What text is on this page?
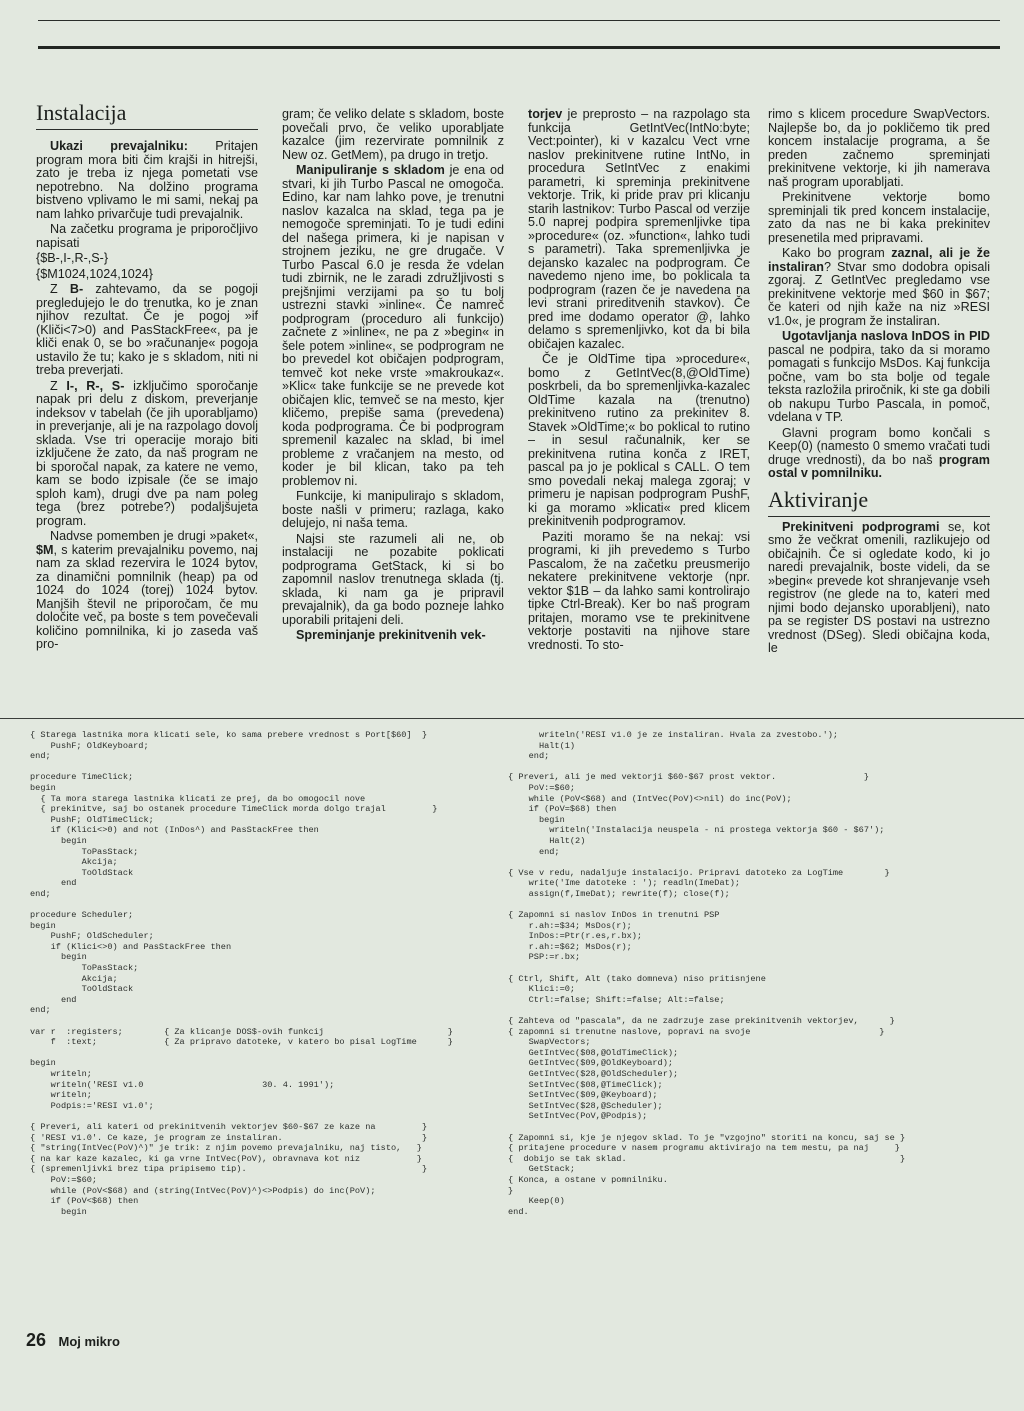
Instalacija

Ukazi prevajalniku: Pritajen program mora biti čim krajši in hitrejši, zato je treba iz njega pometati vse nepotrebno. Na dolžino programa bistveno vplivamo le mi sami, nekaj pa nam lahko privarčuje tudi prevajalnik.

Na začetku programa je priporočljivo napisati

{$B-,I-,R-,S-}

{$M1024,1024,1024}

Z B- zahtevamo, da se pogoji pregledujejo le do trenutka, ko je znan njihov rezultat. Če je pogoj »if (Kliči<7>0) and PasStackFree«, pa je kliči enak 0, se bo »računanje« pogoja ustavilo že tu; kako je s skladom, niti ni treba preverjati.

Z I-, R-, S- izključimo sporočanje napak pri delu z diskom, preverjanje indeksov v tabelah (če jih uporabljamo) in preverjanje, ali je na razpolago dovolj sklada. Vse tri operacije morajo biti izključene že zato, da naš program ne bi sporočal napak, za katere ne vemo, kam se bodo izpisale (če se imajo sploh kam), drugi dve pa nam poleg tega (brez potrebe?) podaljšujeta program.

Nadvse pomemben je drugi »paket«, $M, s katerim prevajalniku povemo, naj nam za sklad rezervira le 1024 bytov, za dinamični pomnilnik (heap) pa od 1024 do 1024 (torej) 1024 bytov. Manjših števil ne priporočam, če mu določite več, pa boste s tem povečevali količino pomnilnika, ki jo zaseda vaš pro-

gram; če veliko delate s skladom, boste povečali prvo, če veliko uporabljate kazalce (jim rezervirate pomnilnik z New oz. GetMem), pa drugo in tretjo.

Manipuliranje s skladom je ena od stvari, ki jih Turbo Pascal ne omogoča. Edino, kar nam lahko pove, je trenutni naslov kazalca na sklad, tega pa je nemogoče spreminjati. To je tudi edini del našega primera, ki je napisan v strojnem jeziku, ne gre drugače. V Turbo Pascal 6.0 je resda že vdelan tudi zbirnik, ne le zaradi združljivosti s prejšnjimi verzijami pa so tu bolj ustrezni stavki »inline«. Če namreč podprogram (proceduro ali funkcijo) začnete z »inline«, ne pa z »begin« in šele potem »inline«, se podprogram ne bo prevedel kot običajen podprogram, temveč kot neke vrste »makroukaz«. »Klic« take funkcije se ne prevede kot običajen klic, temveč se na mesto, kjer kličemo, prepiše sama (prevedena) koda podprograma. Če bi podprogram spremenil kazalec na sklad, bi imel probleme z vračanjem na mesto, od koder je bil klican, tako pa teh problemov ni.

Funkcije, ki manipulirajo s skladom, boste našli v primeru; razlaga, kako delujejo, ni naša tema.

Najsi ste razumeli ali ne, ob instalaciji ne pozabite poklicati podprograma GetStack, ki si bo zapomnil naslov trenutnega sklada (tj. sklada, ki nam ga je pripravil prevajalnik), da ga bodo pozneje lahko uporabili pritajeni deli.

Spreminjanje prekinitvenih vek-

torjev je preprosto – na razpolago sta funkcija GetIntVec(IntNo:byte; Vect:pointer), ki v kazalcu Vect vrne naslov prekinitvene rutine IntNo, in procedura SetIntVec z enakimi parametri, ki spreminja prekinitvene vektorje. Trik, ki pride prav pri klicanju starih lastnikov: Turbo Pascal od verzije 5.0 naprej podpira spremenljivke tipa »procedure« (oz. »function«, lahko tudi s parametri). Taka spremenljivka je dejansko kazalec na podprogram. Če navedemo njeno ime, bo poklicala ta podprogram (razen če je navedena na levi strani prireditvenih stavkov). Če pred ime dodamo operator @, lahko delamo s spremenljivko, kot da bi bila običajen kazalec.

Če je OldTime tipa »procedure«, bomo z GetIntVec(8,@OldTime) poskrbeli, da bo spremenljivka-kazalec OldTime kazala na (trenutno) prekinitveno rutino za prekinitev 8. Stavek »OldTime;« bo poklical to rutino – in sesul računalnik, ker se prekinitvena rutina konča z IRET, pascal pa jo je poklical s CALL. O tem smo povedali nekaj malega zgoraj; v primeru je napisan podprogram PushF, ki ga moramo »klicati« pred klicem prekinitvenih podprogramov.

Paziti moramo še na nekaj: vsi programi, ki jih prevedemo s Turbo Pascalom, že na začetku preusmerijo nekatere prekinitvene vektorje (npr. vektor $1B – da lahko sami kontrolirajo tipke Ctrl-Break). Ker bo naš program pritajen, moramo vse te prekinitvene vektorje postaviti na njihove stare vrednosti. To sto-

rimo s klicem procedure SwapVectors. Najlepše bo, da jo pokličemo tik pred koncem instalacije programa, a še preden začnemo spreminjati prekinitvene vektorje, ki jih namerava naš program uporabljati.

Prekinitvene vektorje bomo spreminjali tik pred koncem instalacije, zato da nas ne bi kaka prekinitev presenetila med pripravami.

Kako bo program zaznal, ali je že instaliran? Stvar smo dodobra opisali zgoraj. Z GetIntVec pregledamo vse prekinitvene vektorje med $60 in $67; če kateri od njih kaže na niz »RESI v1.0«, je program že instaliran.

Ugotavljanja naslova InDOS in PID pascal ne podpira, tako da si moramo pomagati s funkcijo MsDos. Kaj funkcija počne, vam bo sta bolje od tegale teksta razložila priročnik, ki ste ga dobili ob nakupu Turbo Pascala, in pomoč, vdelana v TP.

Glavni program bomo končali s Keep(0) (namesto 0 smemo vračati tudi druge vrednosti), da bo naš program ostal v pomnilniku.

Aktiviranje

Prekinitveni podprogrami se, kot smo že večkrat omenili, razlikujejo od običajnih. Če si ogledate kodo, ki jo naredi prevajalnik, boste videli, da se »begin« prevede kot shranjevanje vseh registrov (ne glede na to, kateri med njimi bodo dejansko uporabljeni), nato pa se register DS postavi na ustrezno vrednost (DSeg). Sledi običajna koda, le

{ Starega lastnika mora klicati sele, ko sama prebere vrednost s Port[$60]  }
PushF; OldKeyboard;
end;

procedure TimeClick;
begin
{ Ta mora starega lastnika klicati ze prej, da bo omogocil nove
{ prekinitve, saj bo ostanek procedure TimeClick morda dolgo trajal         }
PushF; OldTimeClick;
if (Klici<>0) and not (InDos^) and PasStackFree then
begin
ToPasStack;
Akcija;
ToOldStack
end
end;

procedure Scheduler;
begin
PushF; OldScheduler;
if (Klici<>0) and PasStackFree then
begin
ToPasStack;
Akcija;
ToOldStack
end
end;

var r  :registers;        { Za klicanje DOS$-ovih funkcij                        }
f  :text;             { Za pripravo datoteke, v katero bo pisal LogTime      }

begin
writeln;
writeln('RESI v1.0                       30. 4. 1991');
writeln;
Podpis:='RESI v1.0';

{ Preveri, ali kateri od prekinitvenih vektorjev $60-$67 ze kaze na         }
{ 'RESI v1.0'. Ce kaze, je program ze instaliran.                           }
{ "string(IntVec(PoV)^)" je trik: z njim povemo prevajalniku, naj tisto,   }
{ na kar kaze kazalec, ki ga vrne IntVec(PoV), obravnava kot niz           }
{ (spremenljivki brez tipa pripisemo tip).                                  }
PoV:=$60;
while (PoV<$68) and (string(IntVec(PoV)^)<>Podpis) do inc(PoV);
if (PoV<$68) then
begin
writeln('RESI v1.0 je ze instaliran. Hvala za zvestobo.');
Halt(1)
end;

{ Preveri, ali je med vektorji $60-$67 prost vektor.                 }
PoV:=$60;
while (PoV<$68) and (IntVec(PoV)<>nil) do inc(PoV);
if (PoV=$68) then
begin
writeln('Instalacija neuspela - ni prostega vektorja $60 - $67');
Halt(2)
end;

{ Vse v redu, nadaljuje instalacijo. Pripravi datoteko za LogTime        }
write('Ime datoteke : '); readln(ImeDat);
assign(f,ImeDat); rewrite(f); close(f);

{ Zapomni si naslov InDos in trenutni PSP
r.ah:=$34; MsDos(r);
InDos:=Ptr(r.es,r.bx);
r.ah:=$62; MsDos(r);
PSP:=r.bx;

{ Ctrl, Shift, Alt (tako domneva) niso pritisnjene
Klici:=0;
Ctrl:=false; Shift:=false; Alt:=false;

{ Zahteva od "pascala", da ne zadrzuje zase prekinitvenih vektorjev,      }
{ zapomni si trenutne naslove, popravi na svoje                         }
SwapVectors;
GetIntVec($08,@OldTimeClick);
GetIntVec($09,@OldKeyboard);
GetIntVec($28,@OldScheduler);
SetIntVec($08,@TimeClick);
SetIntVec($09,@Keyboard);
SetIntVec($28,@Scheduler);
SetIntVec(PoV,@Podpis);

{ Zapomni si, kje je njegov sklad. To je "vzgojno" storiti na koncu, saj se }
{ pritajene procedure v nasem programu aktivirajo na tem mestu, pa naj     }
{  dobijo se tak sklad.                                                     }
GetStack;
{ Konca, a ostane v pomnilniku.
}
Keep(0)
end.
26 Moj mikro
